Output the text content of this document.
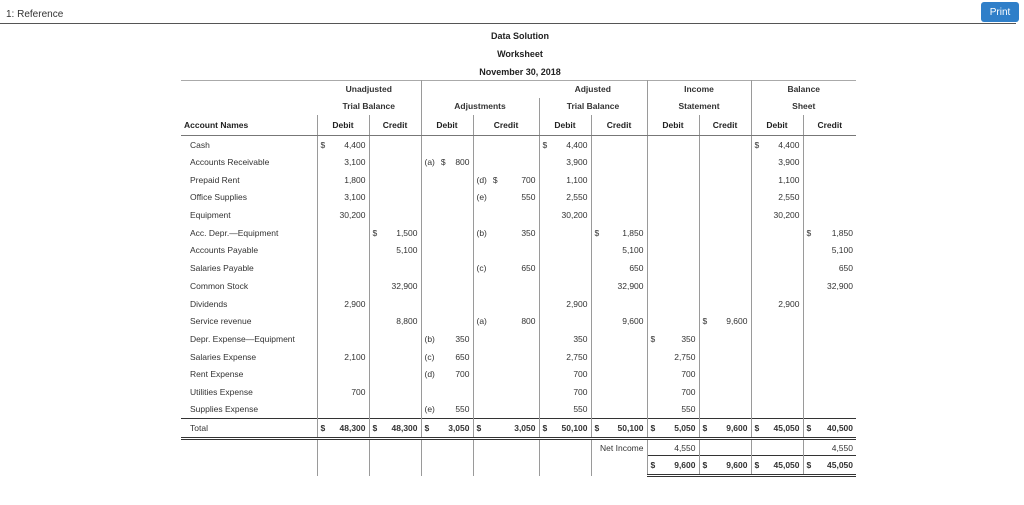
1: Reference	Print
Data Solution
Worksheet
November 30, 2018
	Unadjusted				Adjusted		Income		Balance	
	Trial Balance		Adjustments		Trial Balance		Statement		Sheet	
Account Names	Debit	Credit	Debit	Credit	Debit	Credit	Debit	Credit	Debit	Credit
Cash	$ 4,400				$ 4,400				$ 4,400	

Accounts Receivable	3,100		(a) $ 800		3,900				3,900	

Prepaid Rent	1,800			(d) $ 700	1,100				1,100	

Office Supplies	3,100			(e) 550	2,550				2,550	

Equipment	30,200				30,200				30,200	

Acc. Depr.—Equipment		$ 1,500		(b) 350		$ 1,850				$ 1,850

Accounts Payable		5,100				5,100				5,100

Salaries Payable				(c) 650		650				650

Common Stock		32,900				32,900				32,900

Dividends	2,900				2,900				2,900	

Service revenue		8,800		(a) 800		9,600		$ 9,600		

Depr. Expense—Equipment			(b) 350		350		$ 350			

Salaries Expense	2,100		(c) 650		2,750		2,750			

Rent Expense			(d) 700		700		700			

Utilities Expense	700				700		700			

Supplies Expense			(e) 550		550		550			

Total	$ 48,300	$ 48,300	$ 3,050	$ 3,050	$ 50,100	$ 50,100	$ 5,050	$ 9,600	$ 45,050	$ 40,500

						Net Income	4,550			4,550

							$ 9,600	$ 9,600	$ 45,050	$ 45,050
